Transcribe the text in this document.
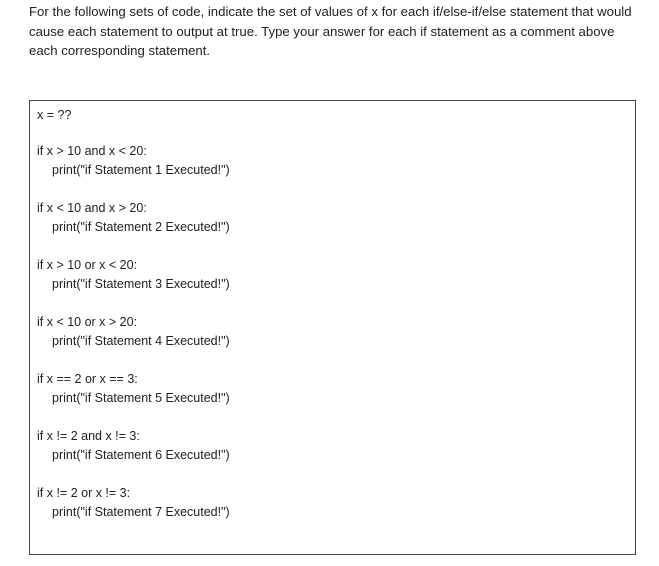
For the following sets of code, indicate the set of values of x for each if/else-if/else statement that would cause each statement to output at true. Type your answer for each if statement as a comment above each corresponding statement.

x = ??

if x > 10 and x < 20:

print("if Statement 1 Executed!")

if x < 10 and x > 20:

print("if Statement 2 Executed!")

if x > 10 or x < 20:

print("if Statement 3 Executed!")

if x < 10 or x > 20:

print("if Statement 4 Executed!")

if x == 2 or x == 3:

print("if Statement 5 Executed!")

if x != 2 and x != 3:

print("if Statement 6 Executed!")

if x != 2 or x != 3:

print("if Statement 7 Executed!")
